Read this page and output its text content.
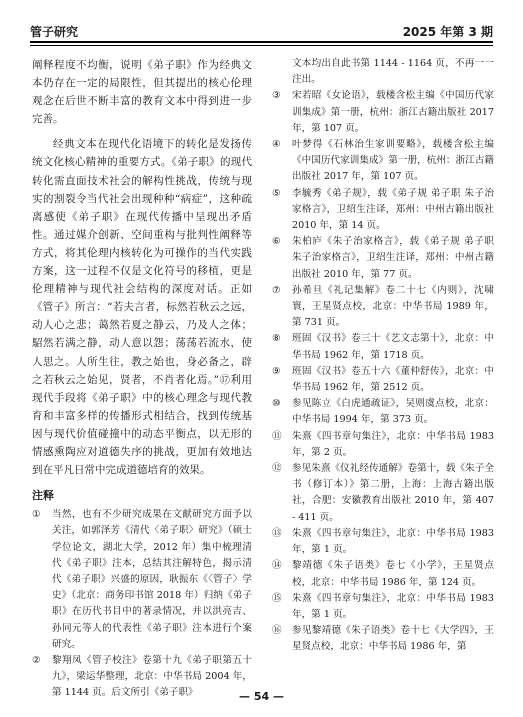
管子研究	2025 年第 3 期

阐释程度不均衡，说明《弟子职》作为经典文本仍存在一定的局限性，但其提出的核心伦理观念在后世不断丰富的教育文本中得到进一步完善。

经典文本在现代化语境下的转化是发扬传统文化核心精神的重要方式。《弟子职》的现代转化需直面技术社会的解构性挑战，传统与现实的割裂令当代社会出现种种“病症”，这种疏离感使《弟子职》在现代传播中呈现出矛盾性。通过媒介创新、空间重构与批判性阐释等方式，将其伦理内核转化为可操作的当代实践方案，这一过程不仅是文化符号的移植，更是伦理精神与现代社会结构的深度对话。正如《管子》所言：“若夫言者，标然若秋云之远，动人心之悲；蔼然若夏之静云，乃及人之体；駋然若满之静，动人意以怨；荡荡若流水，使人思之。人所生往，教之始也，身必备之，辟之若秋云之始见，贤者，不肖者化焉。”⑰利用现代手段将《弟子职》中的核心理念与现代教育和丰富多样的传播形式相结合，找到传统基因与现代价值碰撞中的动态平衡点，以无形的情感熏陶应对道德失序的挑战，更加有效地达到在平凡日常中完成道德培育的效果。

注释
①	当然，也有不少研究成果在文献研究方面予以关注，如郭泽芳《清代〈弟子职〉研究》（硕士学位论文，湖北大学，2012 年）集中梳理清代《弟子职》注本，总结其注解特色，揭示清代《弟子职》兴盛的原因，耿振东《〈管子〉学史》（北京：商务印书馆 2018 年）归纳《弟子职》在历代书目中的著录情况，并以洪亮吉、孙同元等人的代表性《弟子职》注本进行个案研究。
②	黎翔凤《管子校注》卷第十九《弟子职第五十九》，梁运华整理，北京：中华书局 2004 年，第 1144 页。后文所引《弟子职》
文本均出自此书第 1144 - 1164 页，不再一一注出。
③	宋若昭《女论语》，载楼含松主编《中国历代家训集成》第一册，杭州：浙江古籍出版社 2017 年，第 107 页。
④	叶梦得《石林治生家训要略》，载楼含松主编《中国历代家训集成》第一册，杭州：浙江古籍出版社 2017 年，第 107 页。
⑤	李毓秀《弟子规》，载《弟子规 弟子职 朱子治家格言》，卫绍生注译，郑州：中州古籍出版社 2010 年，第 14 页。
⑥	朱柏庐《朱子治家格言》，载《弟子规 弟子职 朱子治家格言》，卫绍生注译，郑州：中州古籍出版社 2010 年，第 77 页。
⑦	孙希旦《礼记集解》卷二十七《内则》，沈啸寰，王星贤点校，北京：中华书局 1989 年，第 731 页。
⑧	班固《汉书》卷三十《艺文志第十》，北京：中华书局 1962 年，第 1718 页。
⑨	班固《汉书》卷五十六《董仲舒传》，北京：中华书局 1962 年，第 2512 页。
⑩	参见陈立《白虎通疏证》，吴则虞点校，北京：中华书局 1994 年，第 373 页。
⑪	朱熹《四书章句集注》，北京：中华书局 1983 年，第 2 页。
⑫	参见朱熹《仪礼经传通解》卷第十，载《朱子全书（修订本）》第二册，上海：上海古籍出版社，合肥：安徽教育出版社 2010 年，第 407 - 411 页。
⑬	朱熹《四书章句集注》，北京：中华书局 1983 年，第 1 页。
⑭	黎靖德《朱子语类》卷七《小学》，王星贤点校，北京：中华书局 1986 年，第 124 页。
⑮	朱熹《四书章句集注》，北京：中华书局 1983 年，第 1 页。
⑯	参见黎靖德《朱子语类》卷十七《大学四》，王星贤点校，北京：中华书局 1986 年，第
— 54 —
